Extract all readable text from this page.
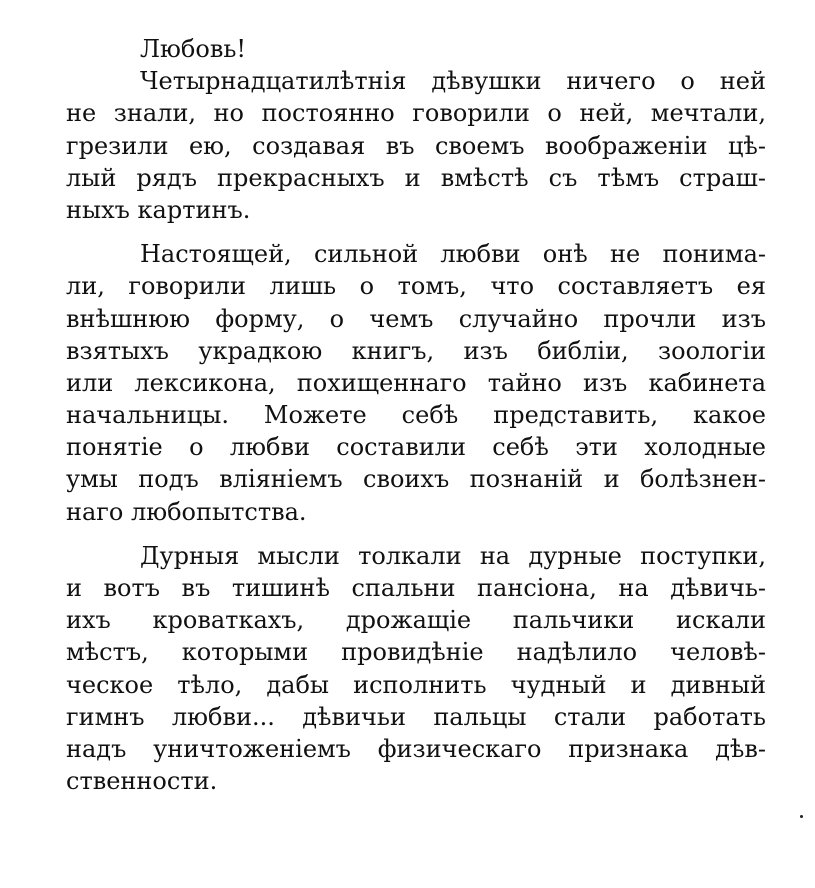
Любовь!
Четырнадцатилѣтнія дѣвушки ничего о ней
не знали, но постоянно говорили о ней, мечтали,
грезили ею, создавая въ своемъ воображеніи цѣ-
лый рядъ прекрасныхъ и вмѣстѣ съ тѣмъ страш-
ныхъ картинъ.
Настоящей, сильной любви онѣ не понима-
ли, говорили лишь о томъ, что составляетъ ея
внѣшнюю форму, о чемъ случайно прочли изъ
взятыхъ украдкою книгъ, изъ библіи, зоологіи
или лексикона, похищеннаго тайно изъ кабинета
начальницы. Можете себѣ представить, какое
понятіе о любви составили себѣ эти холодные
умы подъ вліяніемъ своихъ познаній и болѣзнен-
наго любопытства.
Дурныя мысли толкали на дурные поступки,
и вотъ въ тишинѣ спальни пансіона, на дѣвичь-
ихъ кроваткахъ, дрожащіе пальчики искали
мѣстъ, которыми провидѣніе надѣлило человѣ-
ческое тѣло, дабы исполнить чудный и дивный
гимнъ любви... дѣвичьи пальцы стали работать
надъ уничтоженіемъ физическаго признака дѣв-
ственности.
